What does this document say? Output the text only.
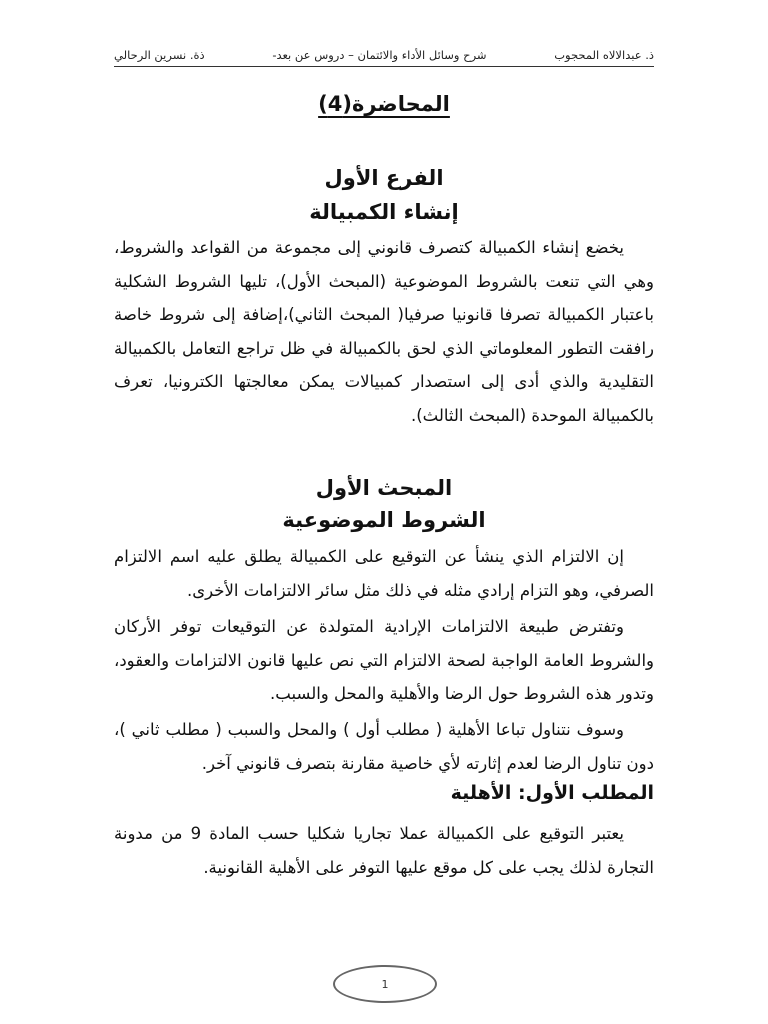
ذ. عبدالالاه المحجوب
شرح وسائل الأداء والائتمان – دروس عن بعد-
ذة. نسرين الرحالي
المحاضرة(4)
الفرع الأول
إنشاء الكمبيالة
يخضع إنشاء الكمبيالة كتصرف قانوني إلى مجموعة من القواعد والشروط، وهي التي تنعت بالشروط الموضوعية (المبحث الأول)، تليها الشروط الشكلية باعتبار الكمبيالة تصرفا قانونيا صرفيا( المبحث الثاني)،إضافة إلى شروط خاصة رافقت التطور المعلوماتي الذي لحق بالكمبيالة في ظل تراجع التعامل بالكمبيالة التقليدية والذي أدى إلى استصدار كمبيالات يمكن معالجتها الكترونيا، تعرف بالكمبيالة الموحدة (المبحث الثالث).
المبحث الأول
الشروط الموضوعية
إن الالتزام الذي ينشأ عن التوقيع على الكمبيالة يطلق عليه اسم الالتزام الصرفي، وهو التزام إرادي مثله في ذلك مثل سائر الالتزامات الأخرى.
وتفترض طبيعة الالتزامات الإرادية المتولدة عن التوقيعات توفر الأركان والشروط العامة الواجبة لصحة الالتزام التي نص عليها قانون الالتزامات والعقود، وتدور هذه الشروط حول الرضا والأهلية والمحل والسبب.
وسوف نتناول تباعا الأهلية ( مطلب أول ) والمحل والسبب ( مطلب ثاني )، دون تناول الرضا لعدم إثارته لأي خاصية مقارنة بتصرف قانوني آخر.
المطلب الأول: الأهلية
يعتبر التوقيع على الكمبيالة عملا تجاريا شكليا حسب المادة 9 من مدونة التجارة لذلك يجب على كل موقع عليها التوفر على الأهلية القانونية.
1
